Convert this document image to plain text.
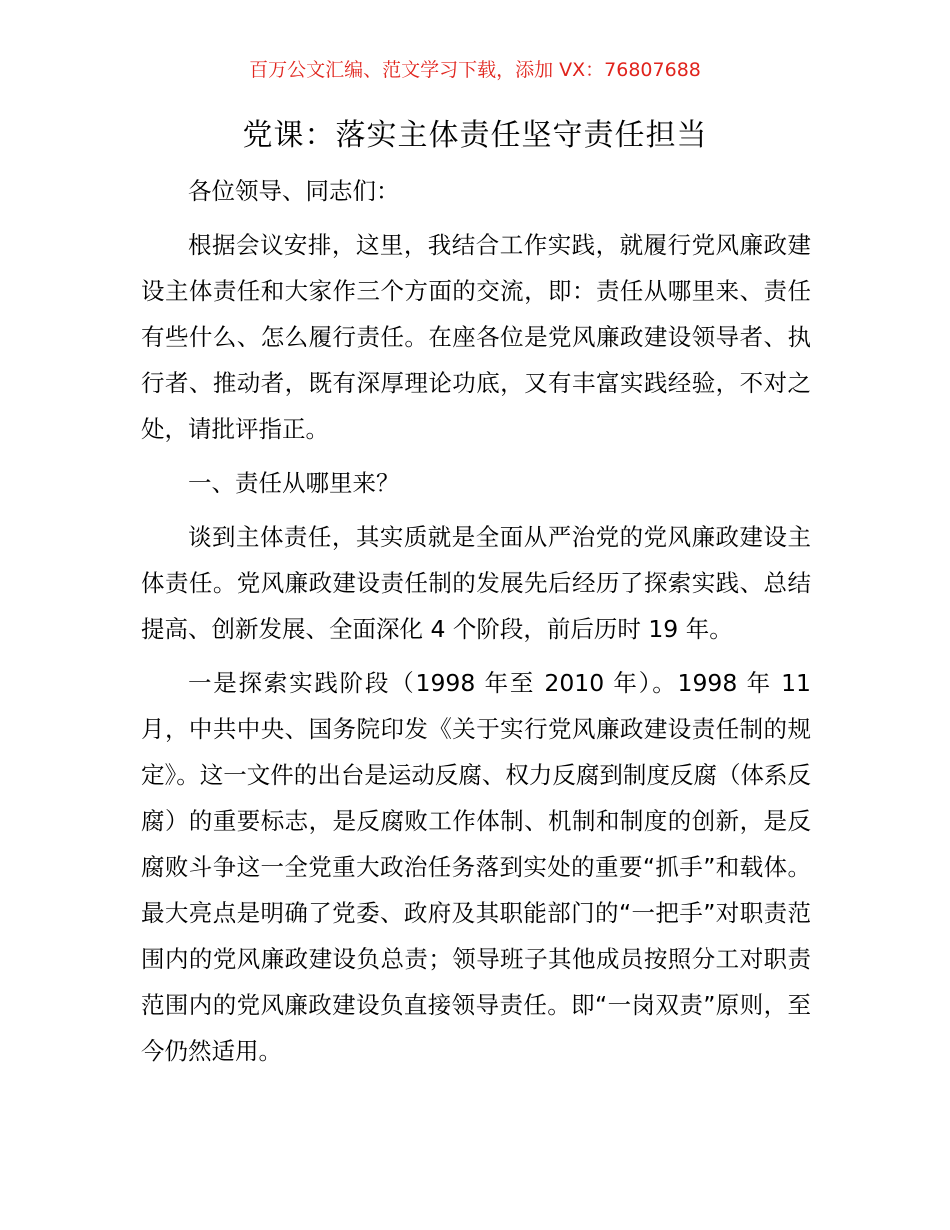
百万公文汇编、范文学习下载，添加 VX：76807688
党课：落实主体责任坚守责任担当

各位领导、同志们：

根据会议安排，这里，我结合工作实践，就履行党风廉政建设主体责任和大家作三个方面的交流，即：责任从哪里来、责任有些什么、怎么履行责任。在座各位是党风廉政建设领导者、执行者、推动者，既有深厚理论功底，又有丰富实践经验，不对之处，请批评指正。

一、责任从哪里来？

谈到主体责任，其实质就是全面从严治党的党风廉政建设主体责任。党风廉政建设责任制的发展先后经历了探索实践、总结提高、创新发展、全面深化 4 个阶段，前后历时 19 年。

一是探索实践阶段（1998 年至 2010 年）。1998 年 11 月，中共中央、国务院印发《关于实行党风廉政建设责任制的规定》。这一文件的出台是运动反腐、权力反腐到制度反腐（体系反腐）的重要标志，是反腐败工作体制、机制和制度的创新，是反腐败斗争这一全党重大政治任务落到实处的重要“抓手”和载体。最大亮点是明确了党委、政府及其职能部门的“一把手”对职责范围内的党风廉政建设负总责；领导班子其他成员按照分工对职责范围内的党风廉政建设负直接领导责任。即“一岗双责”原则，至今仍然适用。
